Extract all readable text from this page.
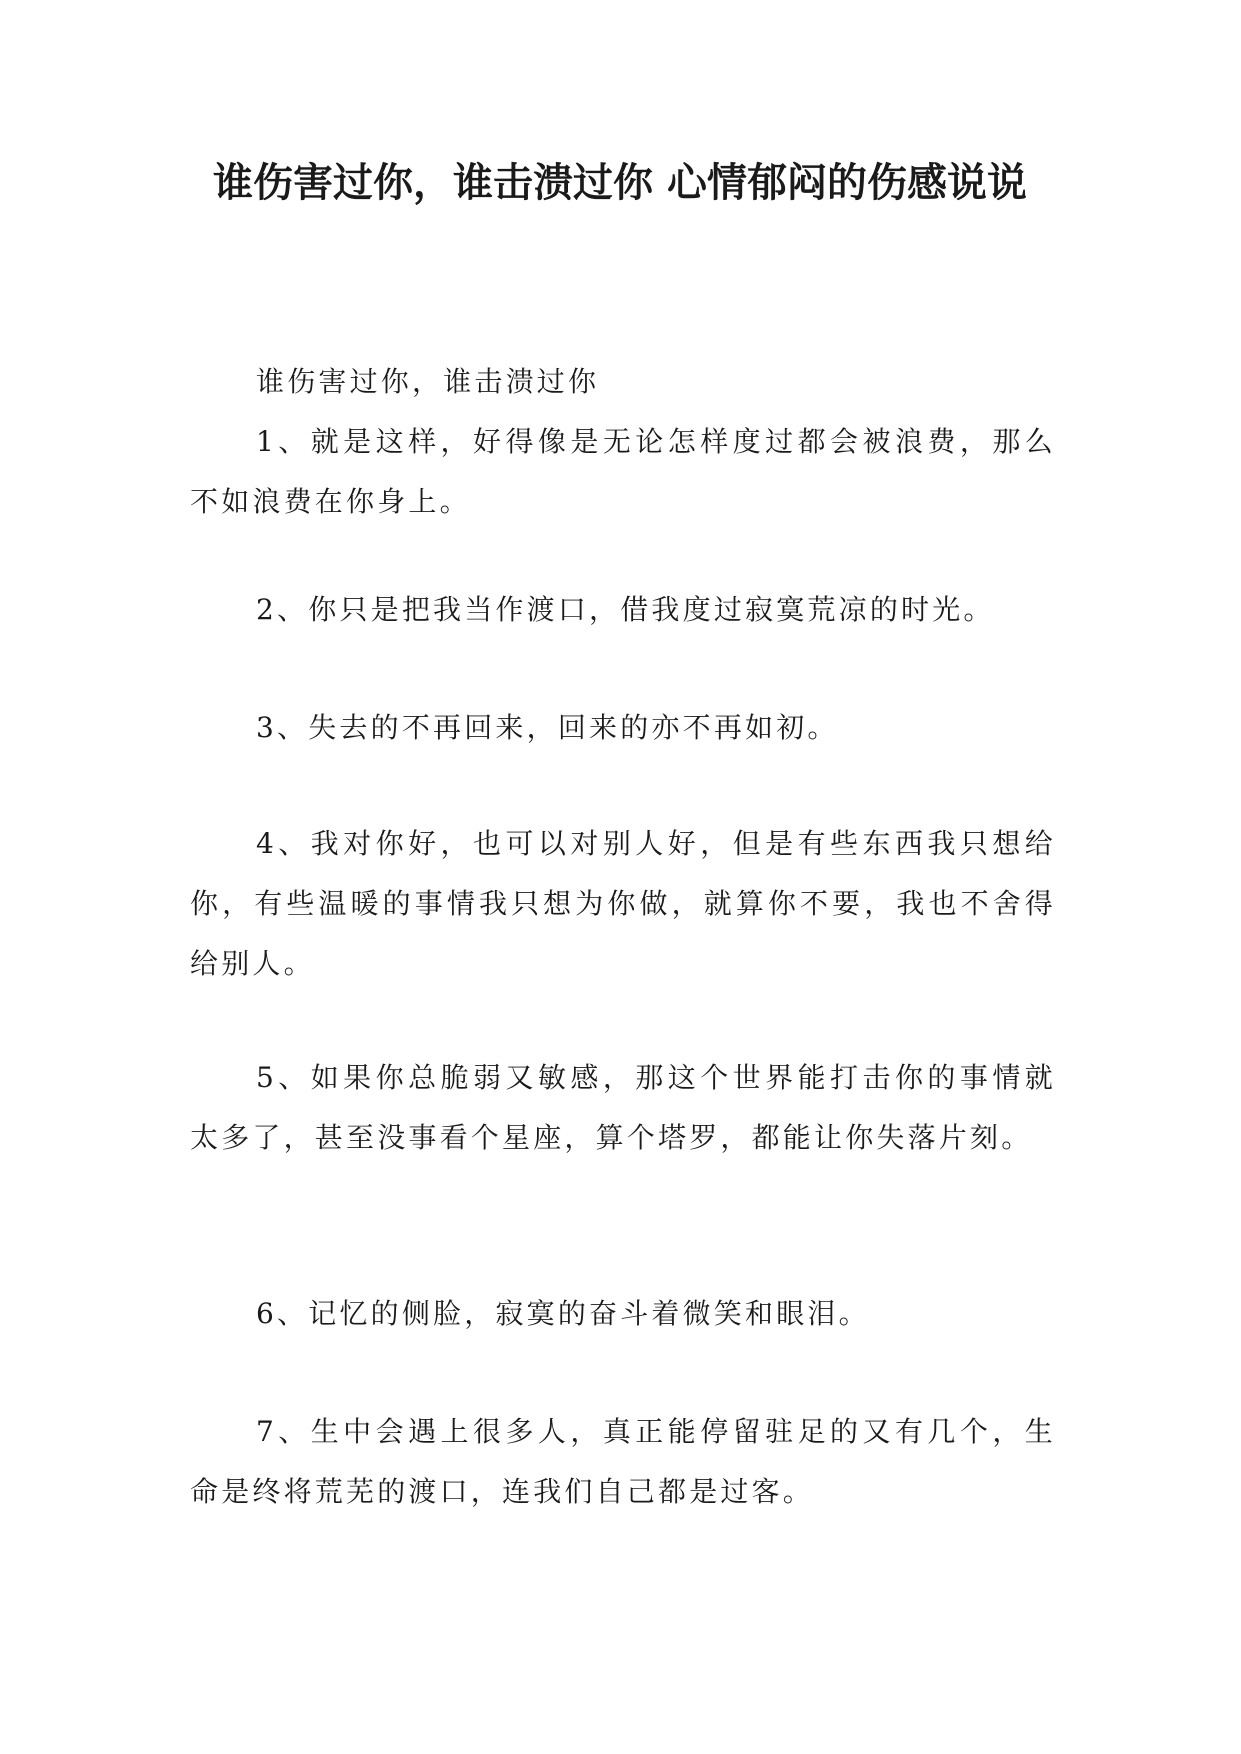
谁伤害过你，谁击溃过你 心情郁闷的伤感说说

谁伤害过你，谁击溃过你

1、就是这样，好得像是无论怎样度过都会被浪费，那么不如浪费在你身上。

2、你只是把我当作渡口，借我度过寂寞荒凉的时光。

3、失去的不再回来，回来的亦不再如初。

4、我对你好，也可以对别人好，但是有些东西我只想给你，有些温暖的事情我只想为你做，就算你不要，我也不舍得给别人。

5、如果你总脆弱又敏感，那这个世界能打击你的事情就太多了，甚至没事看个星座，算个塔罗，都能让你失落片刻。

6、记忆的侧脸，寂寞的奋斗着微笑和眼泪。

7、生中会遇上很多人，真正能停留驻足的又有几个，生命是终将荒芜的渡口，连我们自己都是过客。
